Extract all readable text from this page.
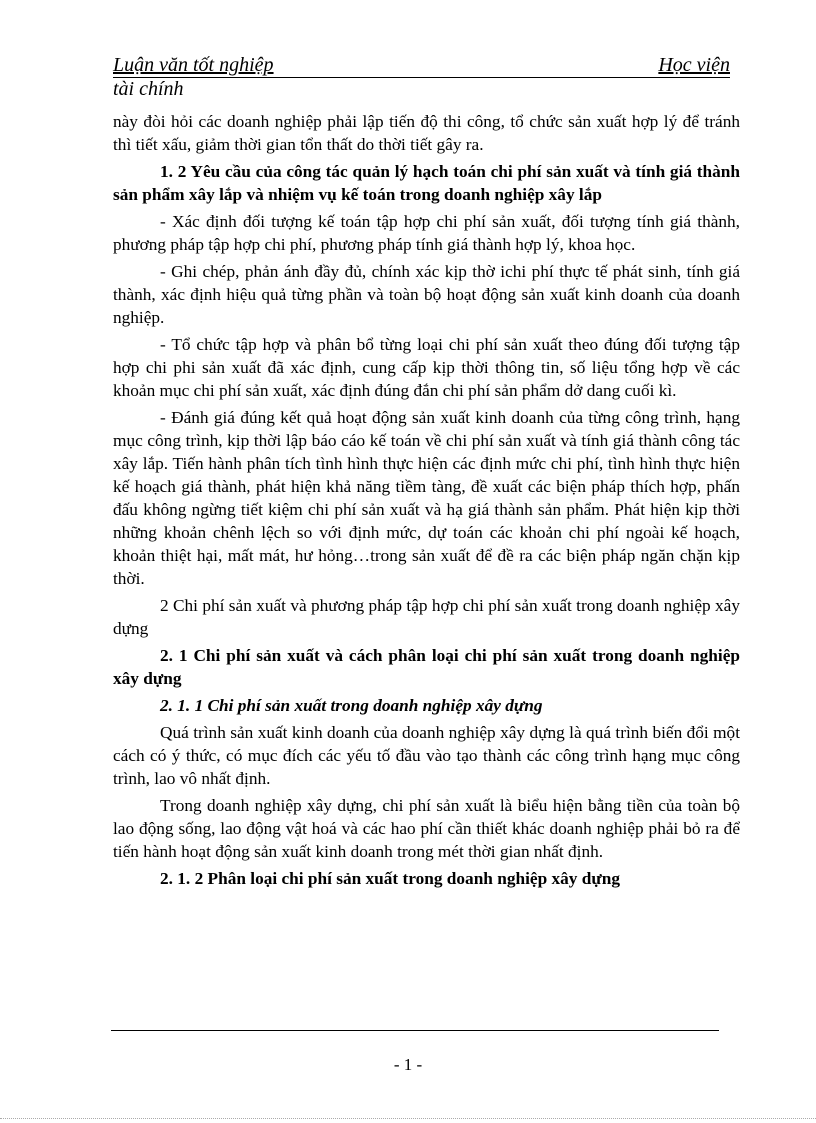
Luận văn tốt nghiệp	Học viện
tài chính

này đòi hỏi các doanh nghiệp phải lập tiến độ thi công, tổ chức sản xuất hợp lý để tránh thì tiết xấu, giảm thời gian tổn thất do thời tiết gây ra.

1. 2 Yêu cầu của công tác quản lý hạch toán chi phí sản xuất và tính giá thành sản phẩm xây lắp và nhiệm vụ kế toán trong doanh nghiệp xây lắp

- Xác định đối tượng kế toán tập hợp chi phí sản xuất, đối tượng tính giá thành, phương pháp tập hợp chi phí, phương pháp tính giá thành hợp lý, khoa học.

- Ghi chép, phản ánh đầy đủ, chính xác kịp thờ ichi phí thực tế phát sinh, tính giá thành, xác định hiệu quả từng phần và toàn bộ hoạt động sản xuất kinh doanh của doanh nghiệp.

- Tổ chức tập hợp và phân bổ từng loại chi phí sản xuất theo đúng đối tượng tập hợp chi phi sản xuất đã xác định, cung cấp kịp thời thông tin, số liệu tổng hợp về các khoản mục chi phí sản xuất, xác định đúng đắn chi phí sản phẩm dở dang cuối kì.

- Đánh giá đúng kết quả hoạt động sản xuất kinh doanh của từng công trình, hạng mục công trình, kịp thời lập báo cáo kế toán về chi phí sản xuất và tính giá thành công tác xây lắp. Tiến hành phân tích tình hình thực hiện các định mức chi phí, tình hình thực hiện kế hoạch giá thành, phát hiện khả năng tiềm tàng, đề xuất các biện pháp thích hợp, phấn đấu không ngừng tiết kiệm chi phí sản xuất và hạ giá thành sản phẩm. Phát hiện kịp thời những khoản chênh lệch so với định mức, dự toán các khoản chi phí ngoài kế hoạch, khoản thiệt hại, mất mát, hư hỏng…trong sản xuất để đề ra các biện pháp ngăn chặn kịp thời.

2 Chi phí sản xuất và phương pháp tập hợp chi phí sản xuất trong doanh nghiệp xây dựng

2. 1 Chi phí sản xuất và cách phân loại chi phí sản xuất trong doanh nghiệp xây dựng

2. 1. 1 Chi phí sản xuất trong doanh nghiệp xây dựng

Quá trình sản xuất kinh doanh của doanh nghiệp xây dựng là quá trình biến đổi một cách có ý thức, có mục đích các yếu tố đầu vào tạo thành các công trình hạng mục công trình, lao vô nhất định.

Trong doanh nghiệp xây dựng, chi phí sản xuất là biểu hiện bằng tiền của toàn bộ lao động sống, lao động vật hoá và các hao phí cần thiết khác doanh nghiệp phải bỏ ra để tiến hành hoạt động sản xuất kinh doanh trong mét thời gian nhất định.

2. 1. 2 Phân loại chi phí sản xuất trong doanh nghiệp xây dựng

- 1 -
